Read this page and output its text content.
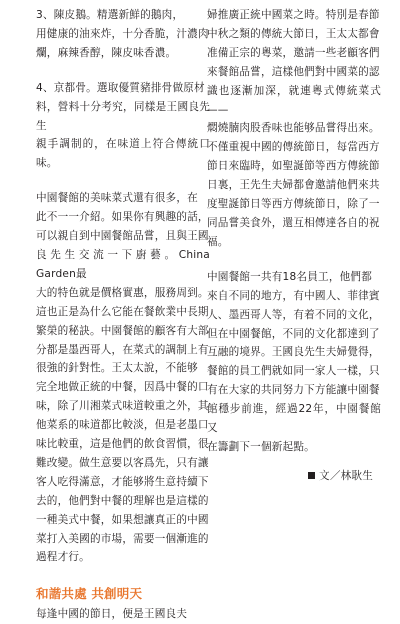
3、陳皮鵝。精選新鮮的鵝肉，
用健康的油來炸，十分香脆，汁濃肉
爛，麻辣香醇，陳皮味香濃。

4、京都骨。選取優質豬排骨做原材
料，營料十分考究，同樣是王國良先生
親手調制的，在味道上符合傳統口味。

中園餐館的美味菜式還有很多，在
此不一一介紹。如果你有興趣的話，
可以親自到中園餐館品嘗，且與王國
良先生交流一下廚藝。China Garden最
大的特色就是價格實惠，服務周到。
這也正是為什么它能在餐飲業中長期
繁榮的秘訣。中園餐館的顧客有大部
分都是墨西哥人，在菜式的調制上有
很強的針對性。王太太說，不能够
完全地做正統的中餐，因爲中餐的口
味，除了川湘菜式味道較重之外，其
他菜系的味道都比較淡，但是老墨口
味比較重，這是他們的飲食習慣，很
難改變。做生意要以客爲先，只有讓
客人吃得滿意，才能够將生意持續下
去的，他們對中餐的理解也是這樣的
一種美式中餐，如果想讓真正的中國
菜打入美國的市場，需要一個漸進的
過程才行。

和諧共處 共創明天

每逢中國的節日，便是王國良夫

婦推廣正統中國菜之時。特別是春節
中秋之類的傳統大節日，王太太都會
准備正宗的粵菜，邀請一些老顧客們
來餐館品嘗，這樣他們對中國菜的認
識也逐漸加深，就連粵式傳統菜式——
燜燒腩肉股香味也能够品嘗得出來。
不僅重視中國的傳統節日，每當西方
節日來臨時，如聖誕節等西方傳統節
日裏，王先生夫婦都會邀請他們來共
度聖誕節日等西方傳統節日，除了一
同品嘗美食外，還互相傳達各自的祝
福。

中園餐館一共有18名員工，他們都
來自不同的地方，有中國人、菲律賓
人、墨西哥人等，有着不同的文化，
但在中園餐館，不同的文化都達到了
互融的境界。王國良先生夫婦覺得，
餐館的員工們就如同一家人一樣，只
有在大家的共同努力下方能讓中園餐
館穩步前進，經過22年，中園餐館又
在籌劃下一個新起點。

文／林耿生
